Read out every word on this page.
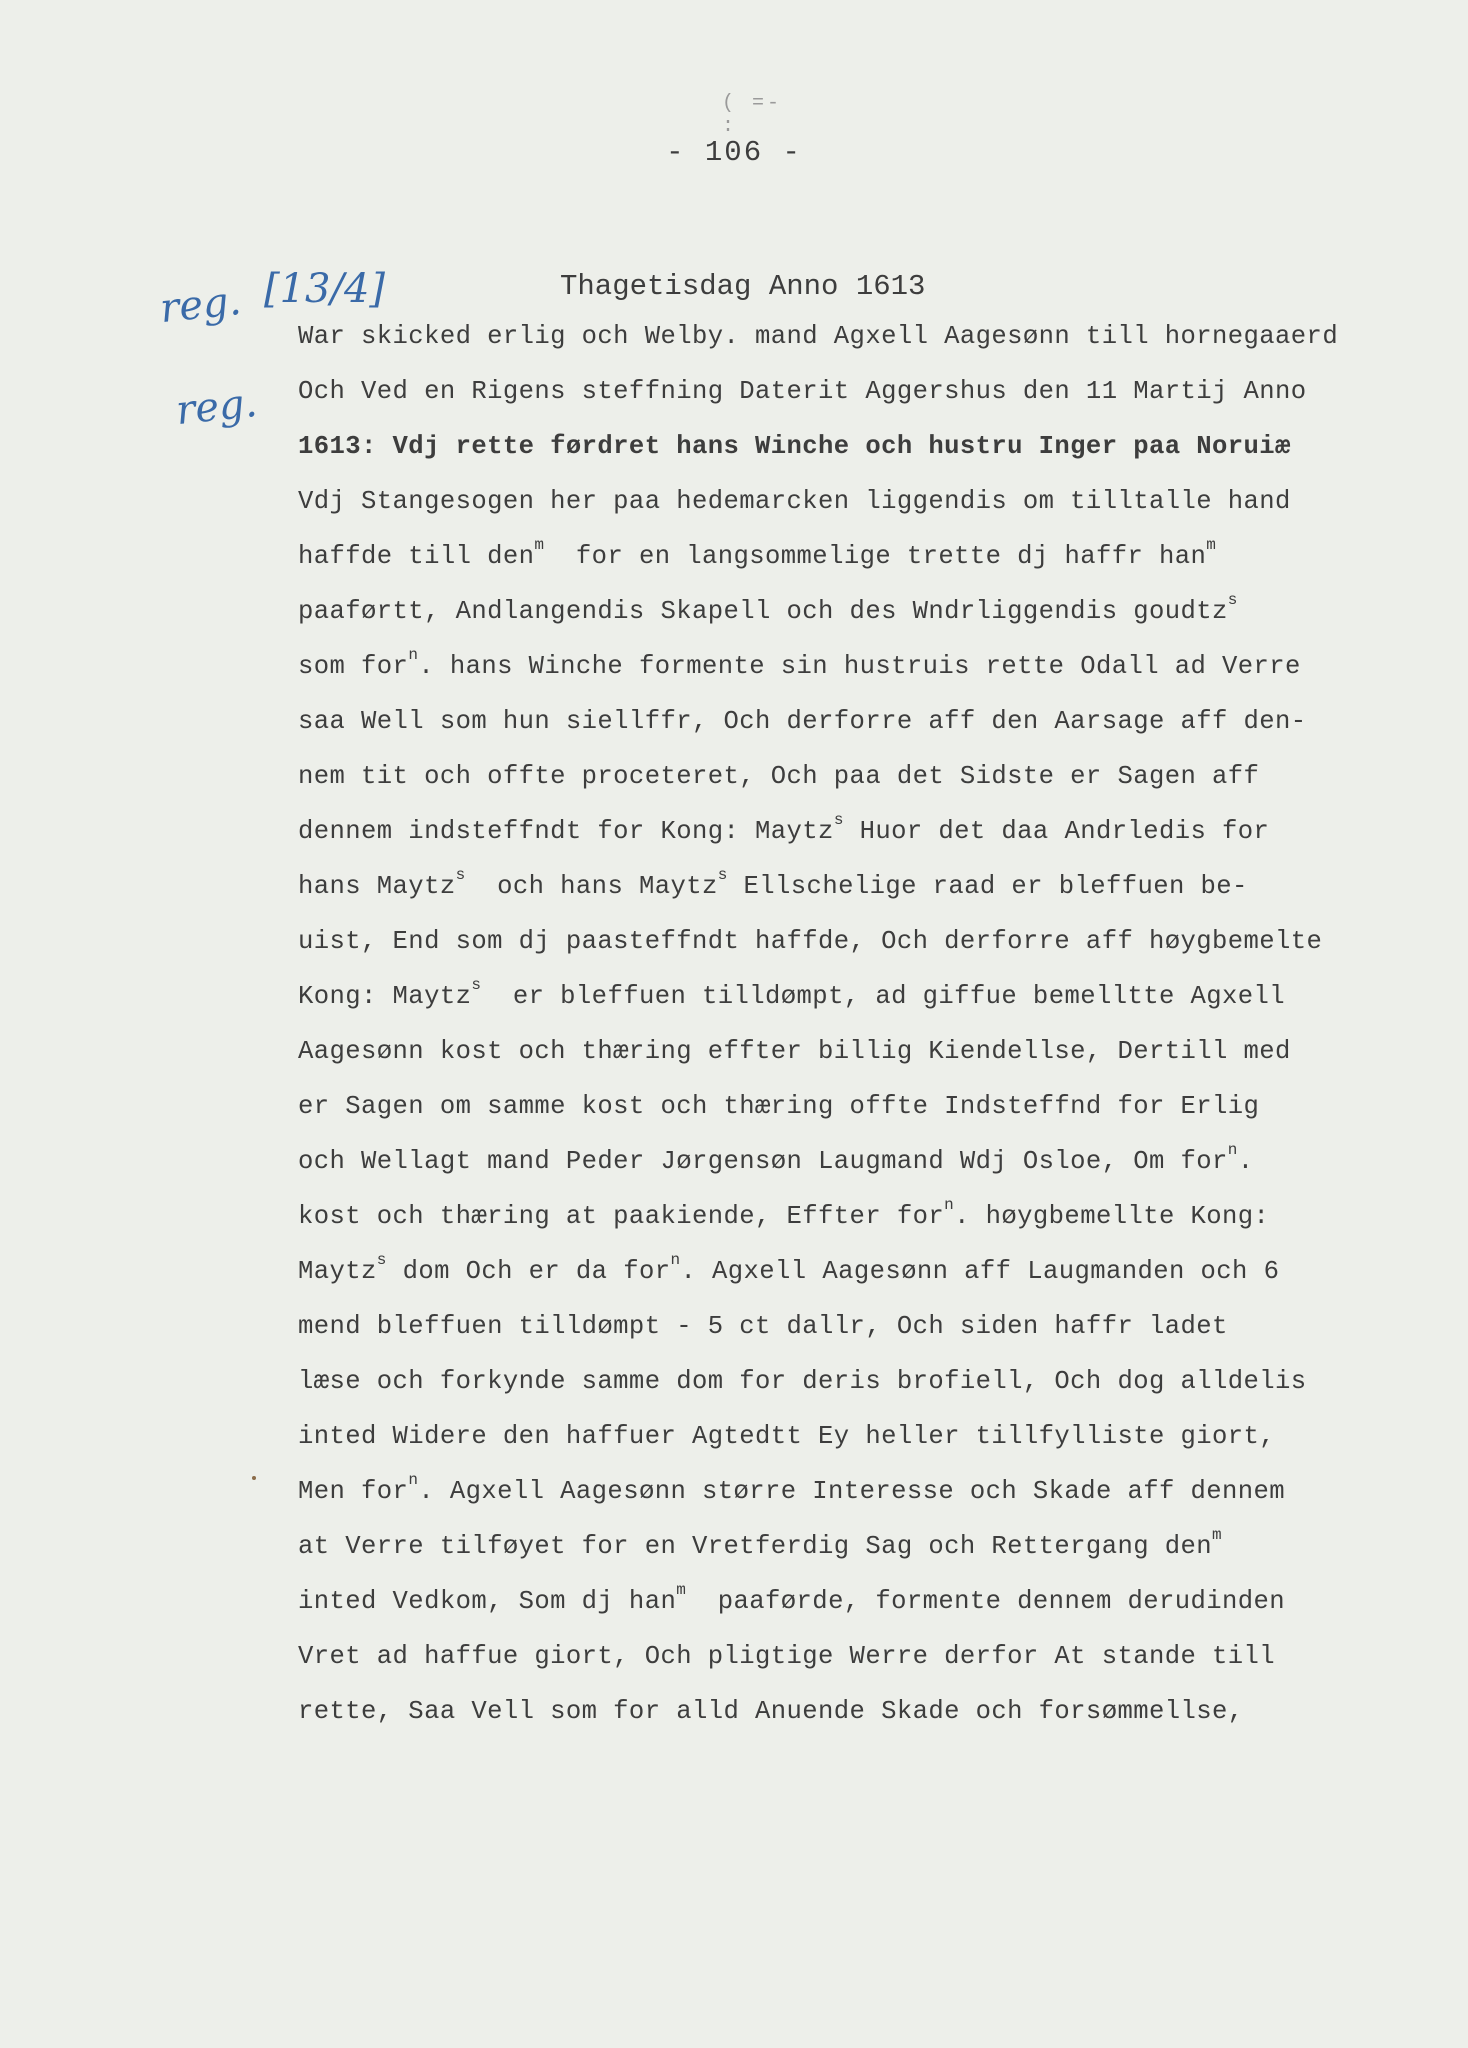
( =- :
- 106 -
reg. [13/4]
reg.
Thagetisdag Anno 1613
War skicked erlig och Welby. mand Agxell Aagesønn till hornegaaerd
Och Ved en Rigens steffning Daterit Aggershus den 11 Martij Anno
1613: Vdj rette førdret hans Winche och hustru Inger paa Noruiæ
Vdj Stangesogen her paa hedemarcken liggendis om tilltalle hand
haffde till den$^m$  for en langsommelige trette dj haffr han$^m$
paaførtt, Andlangendis Skapell och des Wndrliggendis goudtz$^s$
som for$^n$. hans Winche formente sin hustruis rette Odall ad Verre
saa Well som hun siellffr, Och derforre aff den Aarsage aff den-
nem tit och offte proceteret, Och paa det Sidste er Sagen aff
dennem indsteffndt for Kong: Maytz$^s$ Huor det daa Andrledis for
hans Maytz$^s$  och hans Maytz$^s$ Ellschelige raad er bleffuen be-
uist, End som dj paasteffndt haffde, Och derforre aff høygbemelte
Kong: Maytz$^s$  er bleffuen tilldømpt, ad giffue bemelltte Agxell
Aagesønn kost och thæring effter billig Kiendellse, Dertill med
er Sagen om samme kost och thæring offte Indsteffnd for Erlig
och Wellagt mand Peder Jørgensøn Laugmand Wdj Osloe, Om for$^n$.
kost och thæring at paakiende, Effter for$^n$. høygbemellte Kong:
Maytz$^s$ dom Och er da for$^n$. Agxell Aagesønn aff Laugmanden och 6
mend bleffuen tilldømpt - 5 ct dallr, Och siden haffr ladet
læse och forkynde samme dom for deris brofiell, Och dog alldelis
inted Widere den haffuer Agtedtt Ey heller tillfylliste giort,
Men for$^n$. Agxell Aagesønn større Interesse och Skade aff dennem
at Verre tilføyet for en Vretferdig Sag och Rettergang den$^m$
inted Vedkom, Som dj han$^m$  paaførde, formente dennem derudinden
Vret ad haffue giort, Och pligtige Werre derfor At stande till
rette, Saa Vell som for alld Anuende Skade och forsømmellse,
